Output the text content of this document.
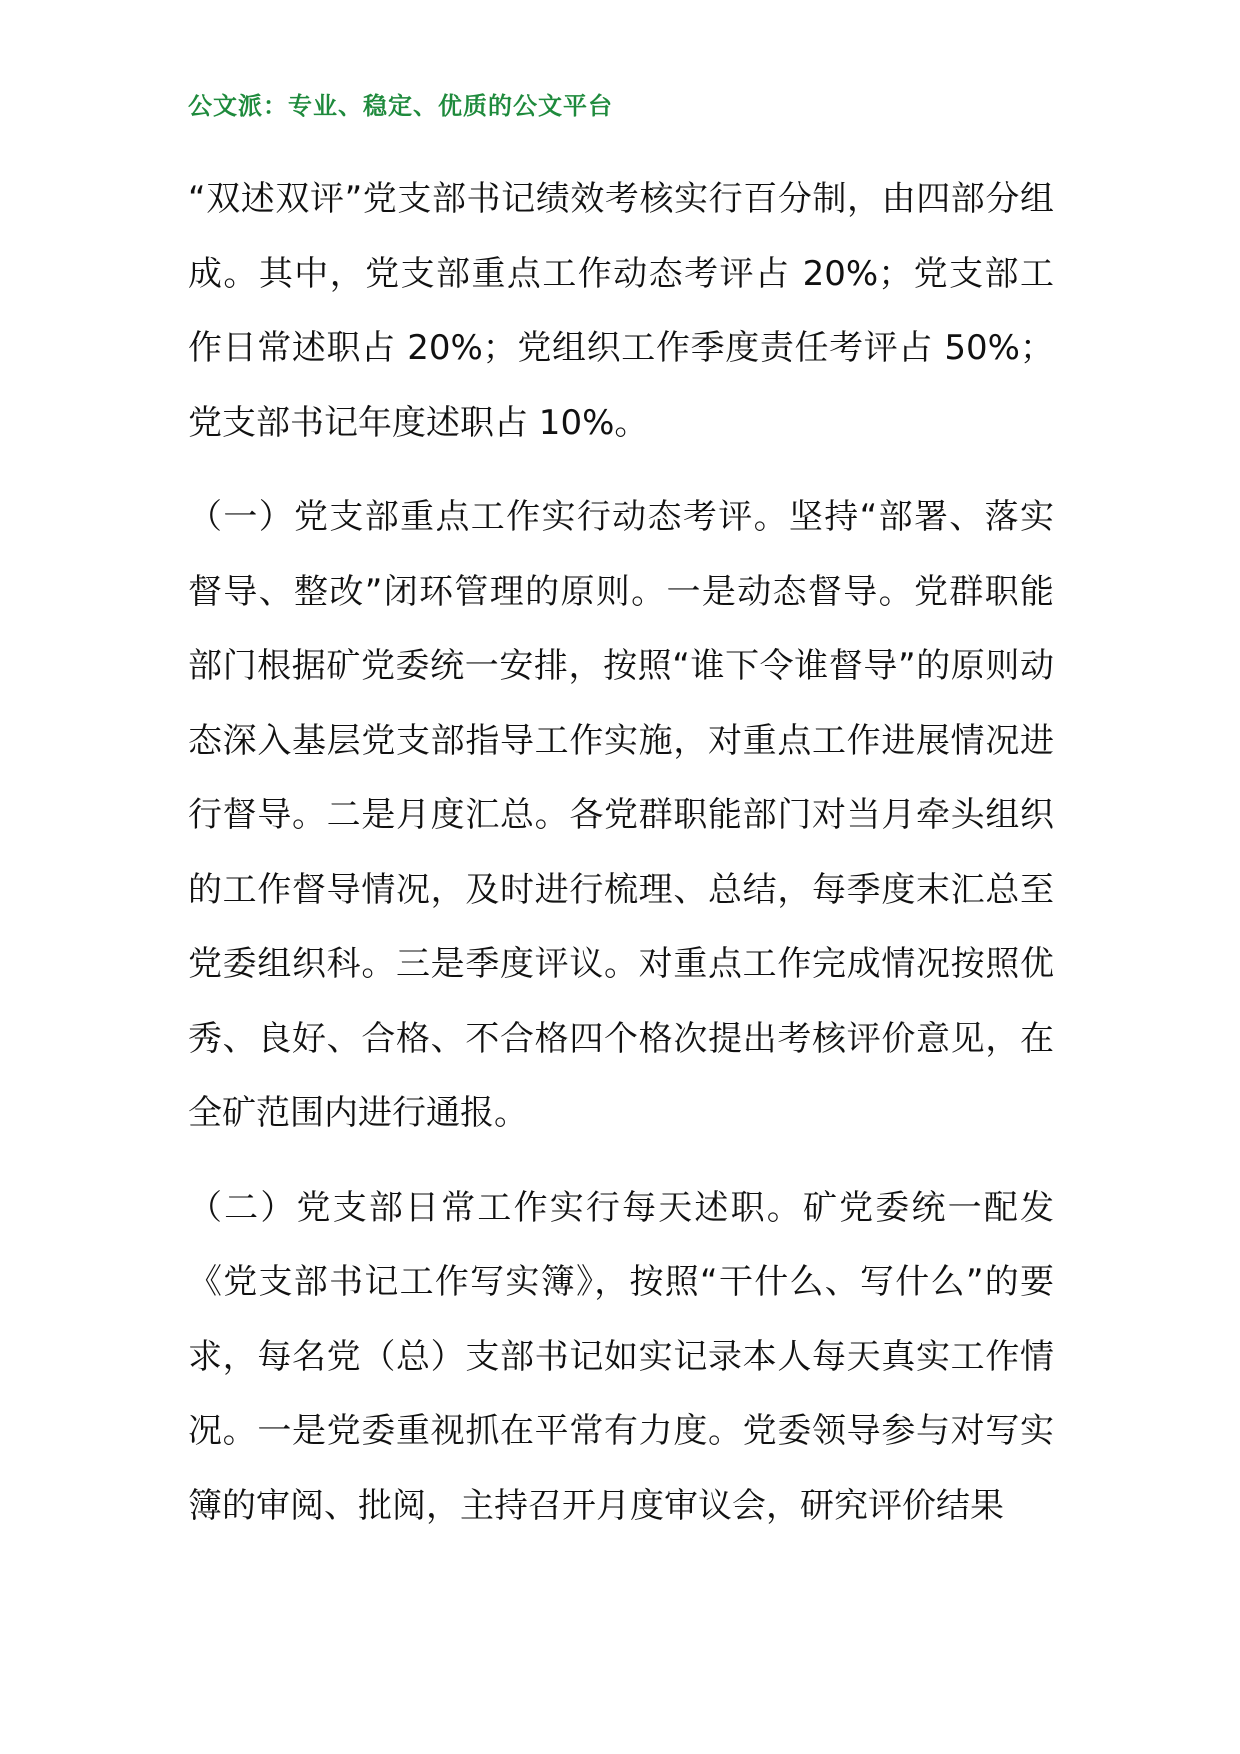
公文派：专业、稳定、优质的公文平台

“双述双评”党支部书记绩效考核实行百分制，由四部分组成。其中，党支部重点工作动态考评占 20%；党支部工作日常述职占 20%；党组织工作季度责任考评占 50%；党支部书记年度述职占 10%。

（一）党支部重点工作实行动态考评。坚持“部署、落实督导、整改”闭环管理的原则。一是动态督导。党群职能部门根据矿党委统一安排，按照“谁下令谁督导”的原则动态深入基层党支部指导工作实施，对重点工作进展情况进行督导。二是月度汇总。各党群职能部门对当月牵头组织的工作督导情况，及时进行梳理、总结，每季度末汇总至党委组织科。三是季度评议。对重点工作完成情况按照优秀、良好、合格、不合格四个格次提出考核评价意见，在全矿范围内进行通报。

（二）党支部日常工作实行每天述职。矿党委统一配发《党支部书记工作写实簿》，按照“干什么、写什么”的要求，每名党（总）支部书记如实记录本人每天真实工作情况。一是党委重视抓在平常有力度。党委领导参与对写实簿的审阅、批阅，主持召开月度审议会，研究评价结果
